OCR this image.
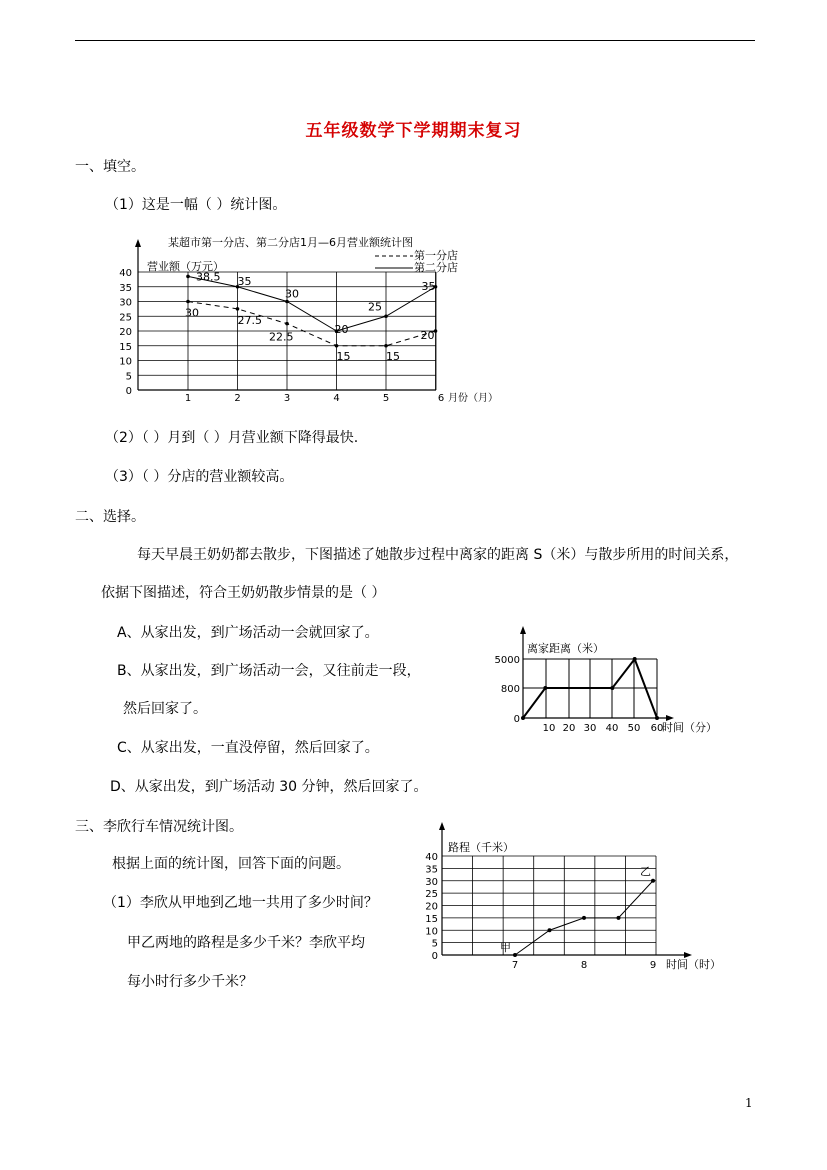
五年级数学下学期期末复习
一、填空。
（1）这是一幅（ ）统计图。
0
5
10
15
20
25
30
35
40
1	2	3	4	5	6 月份（月）
营业额（万元）
某超市第一分店、第二分店1月—6月营业额统计图
第一分店
第二分店
30
27.5
22.5
15	15
20
38.5 35
30
20
25
35
（2）（ ）月到（ ）月营业额下降得最快.
（3）（ ）分店的营业额较高。
二、选择。
每天早晨王奶奶都去散步，下图描述了她散步过程中离家的距离 S（米）与散步所用的时间关系，
依据下图描述，符合王奶奶散步情景的是（ ）
A、从家出发，到广场活动一会就回家了。
B、从家出发，到广场活动一会，又往前走一段，
然后回家了。
C、从家出发，一直没停留，然后回家了。
D、从家出发，到广场活动 30 分钟，然后回家了。
0
800
5000
10 20 30 40 50 60
时间（分）
离家距离（米）
三、李欣行车情况统计图。
根据上面的统计图，回答下面的问题。
（1）李欣从甲地到乙地一共用了多少时间？
甲乙两地的路程是多少千米？李欣平均
每小时行多少千米？
0
5
10
15
20
25
30
35
40
7	8	9 时间（时）
路程（千米）
甲
乙
1
